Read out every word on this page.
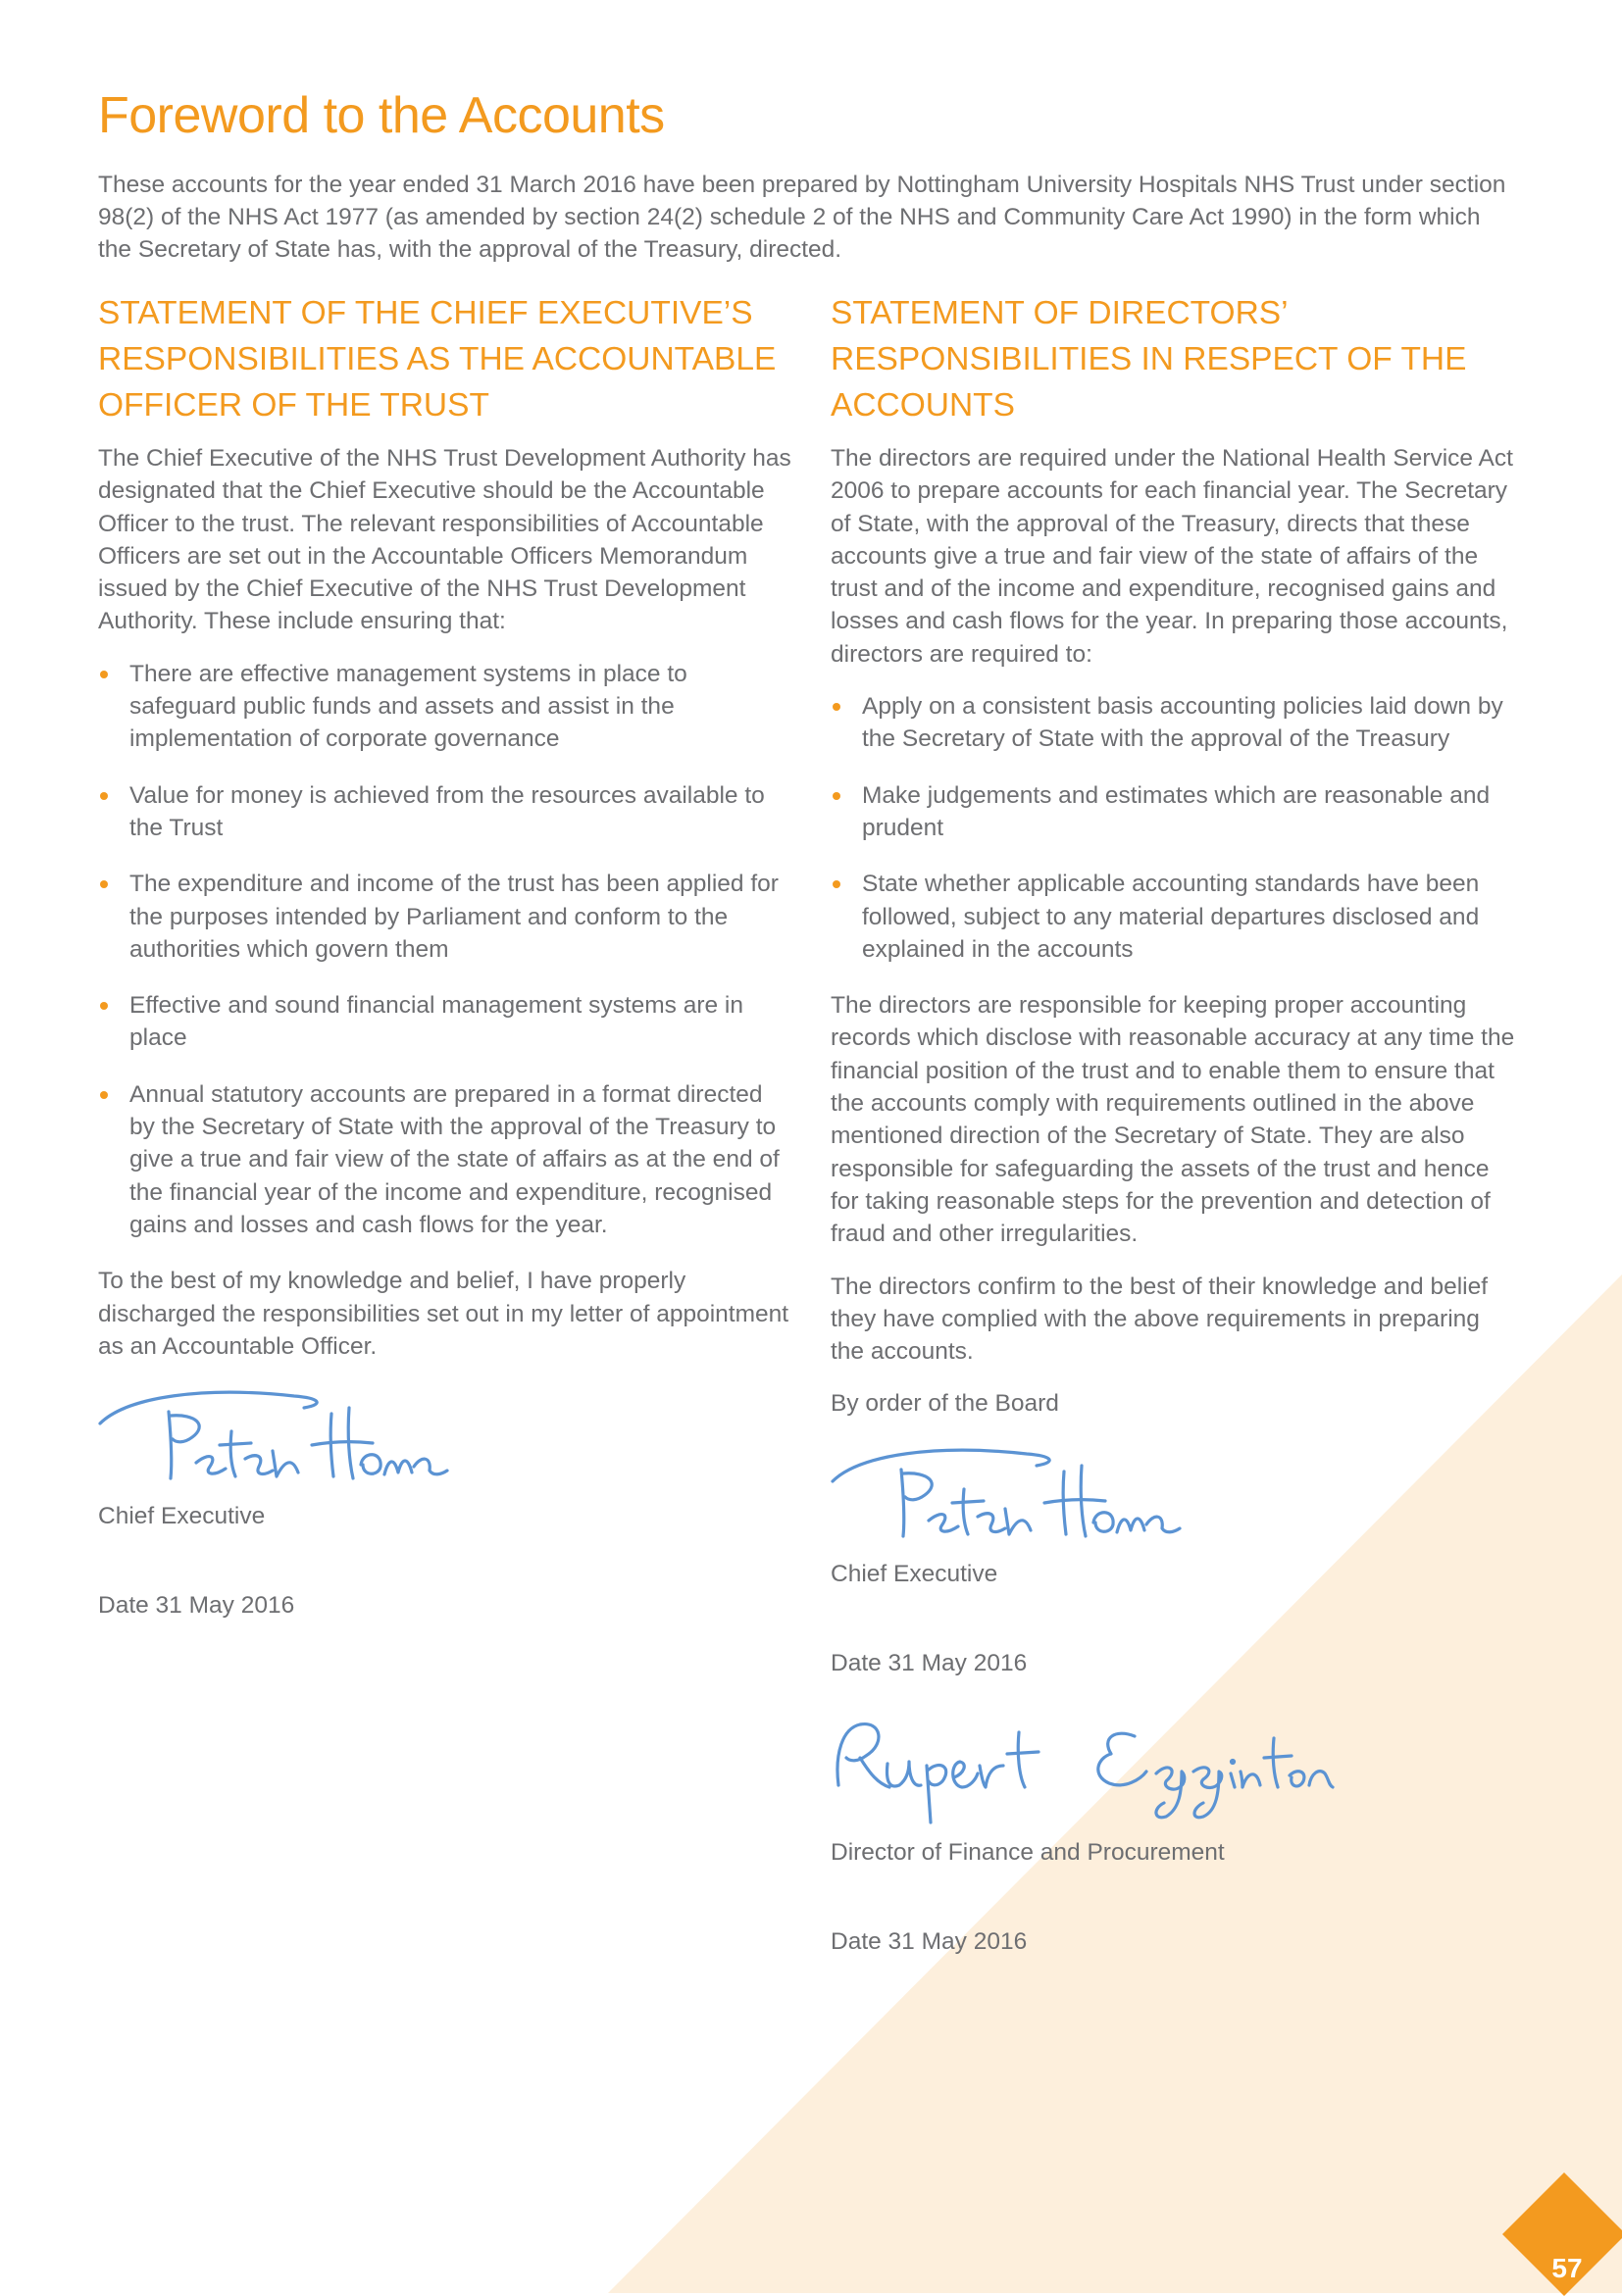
Foreword to the Accounts

These accounts for the year ended 31 March 2016 have been prepared by Nottingham University Hospitals NHS Trust under section 98(2) of the NHS Act 1977 (as amended by section 24(2) schedule 2 of the NHS and Community Care Act 1990) in the form which the Secretary of State has, with the approval of the Treasury, directed.

STATEMENT OF THE CHIEF EXECUTIVE’S RESPONSIBILITIES AS THE ACCOUNTABLE OFFICER OF THE TRUST

The Chief Executive of the NHS Trust Development Authority has designated that the Chief Executive should be the Accountable Officer to the trust. The relevant responsibilities of Accountable Officers are set out in the Accountable Officers Memorandum issued by the Chief Executive of the NHS Trust Development Authority. These include ensuring that:

There are effective management systems in place to safeguard public funds and assets and assist in the implementation of corporate governance
Value for money is achieved from the resources available to the Trust
The expenditure and income of the trust has been applied for the purposes intended by Parliament and conform to the authorities which govern them
Effective and sound financial management systems are in place
Annual statutory accounts are prepared in a format directed by the Secretary of State with the approval of the Treasury to give a true and fair view of the state of affairs as at the end of the financial year of the income and expenditure, recognised gains and losses and cash flows for the year.

To the best of my knowledge and belief, I have properly discharged the responsibilities set out in my letter of appointment as an Accountable Officer.

Chief Executive

Date 31 May 2016

STATEMENT OF DIRECTORS’ RESPONSIBILITIES IN RESPECT OF THE ACCOUNTS

The directors are required under the National Health Service Act 2006 to prepare accounts for each financial year. The Secretary of State, with the approval of the Treasury, directs that these accounts give a true and fair view of the state of affairs of the trust and of the income and expenditure, recognised gains and losses and cash flows for the year. In preparing those accounts, directors are required to:

Apply on a consistent basis accounting policies laid down by the Secretary of State with the approval of the Treasury
Make judgements and estimates which are reasonable and prudent
State whether applicable accounting standards have been followed, subject to any material departures disclosed and explained in the accounts

The directors are responsible for keeping proper accounting records which disclose with reasonable accuracy at any time the financial position of the trust and to enable them to ensure that the accounts comply with requirements outlined in the above mentioned direction of the Secretary of State. They are also responsible for safeguarding the assets of the trust and hence for taking reasonable steps for the prevention and detection of fraud and other irregularities.

The directors confirm to the best of their knowledge and belief they have complied with the above requirements in preparing the accounts.

By order of the Board

Chief Executive

Date 31 May 2016

Director of Finance and Procurement

Date 31 May 2016

57
